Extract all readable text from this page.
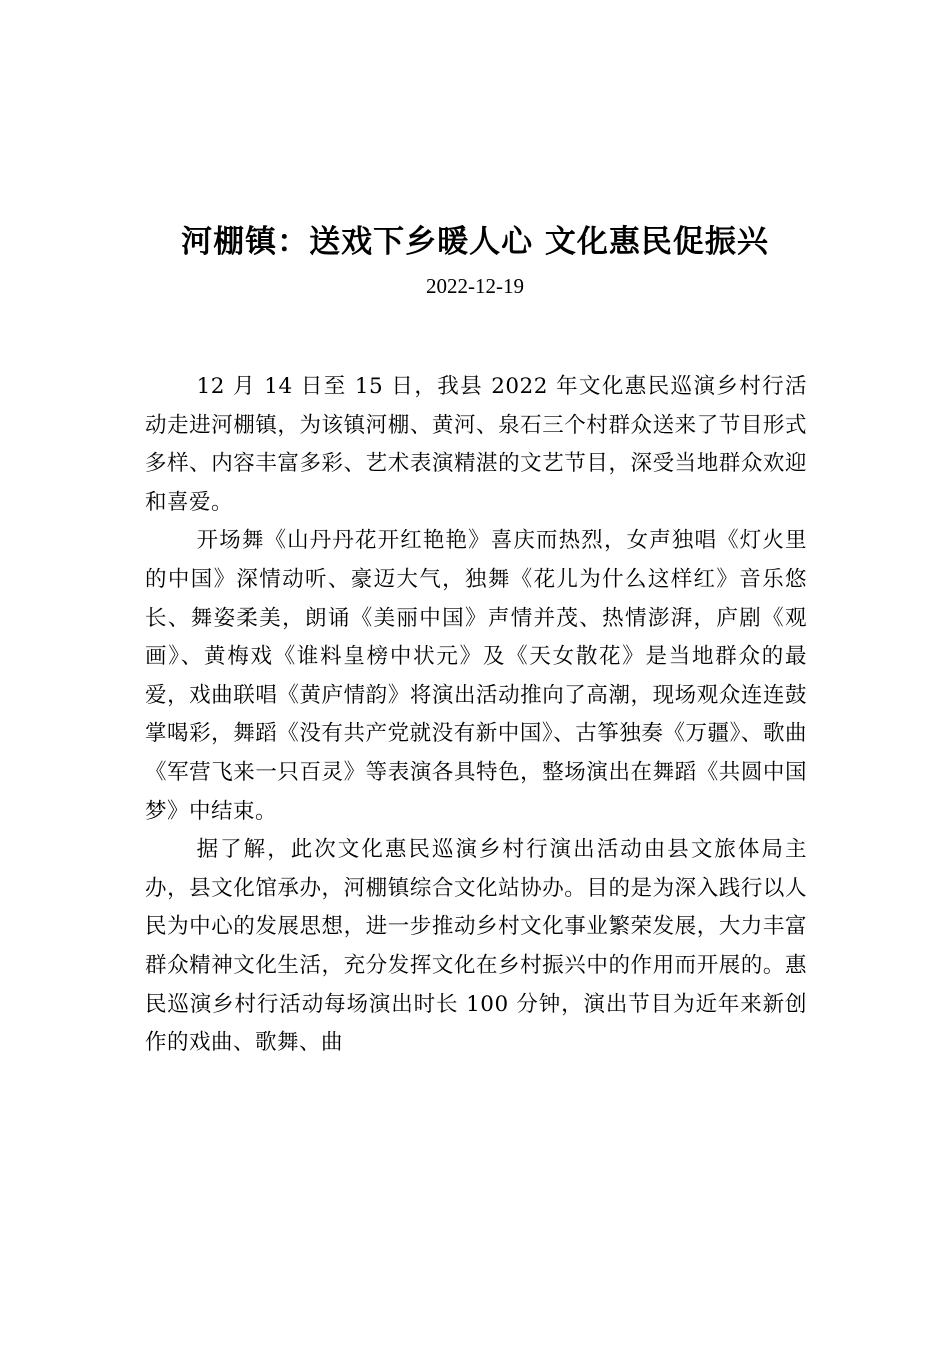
河棚镇：送戏下乡暖人心 文化惠民促振兴
2022-12-19

12 月 14 日至 15 日，我县 2022 年文化惠民巡演乡村行活动走进河棚镇，为该镇河棚、黄河、泉石三个村群众送来了节目形式多样、内容丰富多彩、艺术表演精湛的文艺节目，深受当地群众欢迎和喜爱。

开场舞《山丹丹花开红艳艳》喜庆而热烈，女声独唱《灯火里的中国》深情动听、豪迈大气，独舞《花儿为什么这样红》音乐悠长、舞姿柔美，朗诵《美丽中国》声情并茂、热情澎湃，庐剧《观画》、黄梅戏《谁料皇榜中状元》及《天女散花》是当地群众的最爱，戏曲联唱《黄庐情韵》将演出活动推向了高潮，现场观众连连鼓掌喝彩，舞蹈《没有共产党就没有新中国》、古筝独奏《万疆》、歌曲《军营飞来一只百灵》等表演各具特色，整场演出在舞蹈《共圆中国梦》中结束。

据了解，此次文化惠民巡演乡村行演出活动由县文旅体局主办，县文化馆承办，河棚镇综合文化站协办。目的是为深入践行以人民为中心的发展思想，进一步推动乡村文化事业繁荣发展，大力丰富群众精神文化生活，充分发挥文化在乡村振兴中的作用而开展的。惠民巡演乡村行活动每场演出时长 100 分钟，演出节目为近年来新创作的戏曲、歌舞、曲
